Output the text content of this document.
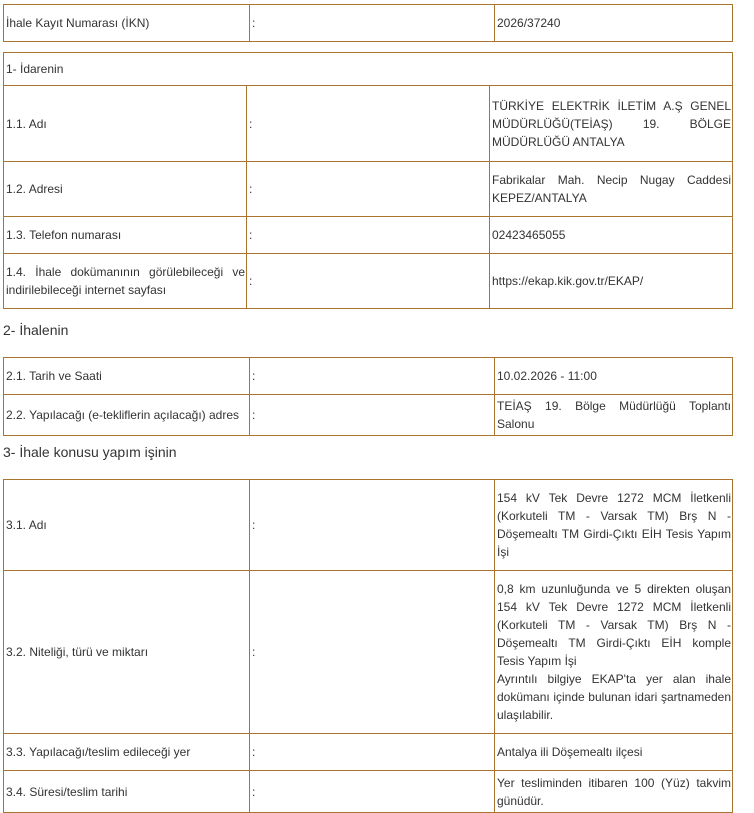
İhale Kayıt Numarası (İKN)	:	2026/37240
1- İdarenin		
1.1. Adı	:	TÜRKİYE ELEKTRİK İLETİM A.Ş GENEL MÜDÜRLÜĞÜ(TEİAŞ) 19. BÖLGE MÜDÜRLÜĞÜ ANTALYA
1.2. Adresi	:	Fabrikalar Mah. Necip Nugay Caddesi KEPEZ/ANTALYA
1.3. Telefon numarası	:	02423465055
1.4. İhale dokümanının görülebileceği ve indirilebileceği internet sayfası	:	https://ekap.kik.gov.tr/EKAP/
2- İhalenin
2.1. Tarih ve Saati	:	10.02.2026 - 11:00
2.2. Yapılacağı (e-tekliflerin açılacağı) adres	:	TEİAŞ 19. Bölge Müdürlüğü Toplantı Salonu
3- İhale konusu yapım işinin
3.1. Adı	:	154 kV Tek Devre 1272 MCM İletkenli (Korkuteli TM - Varsak TM) Brş N - Döşemealtı TM Girdi-Çıktı EİH Tesis Yapım İşi
3.2. Niteliği, türü ve miktarı	:	0,8 km uzunluğunda ve 5 direkten oluşan 154 kV Tek Devre 1272 MCM İletkenli (Korkuteli TM - Varsak TM) Brş N - Döşemealtı TM Girdi-Çıktı EİH komple Tesis Yapım İşi
Ayrıntılı bilgiye EKAP'ta yer alan ihale dokümanı içinde bulunan idari şartnameden ulaşılabilir.

3.3. Yapılacağı/teslim edileceği yer	:	Antalya ili Döşemealtı ilçesi
3.4. Süresi/teslim tarihi	:	Yer tesliminden itibaren 100 (Yüz) takvim günüdür.
